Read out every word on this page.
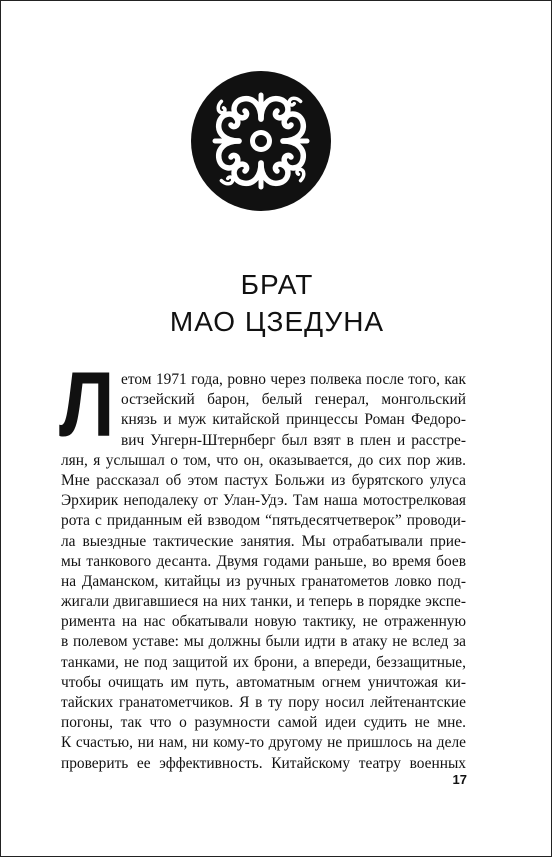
БРАТ
МАО ЦЗЕДУНА
Л етом 1971 года, ровно через полвека после того, как
остзейский барон, белый генерал, монгольский
князь и муж китайской принцессы Роман Федоро-
вич Унгерн-Штернберг был взят в плен и расстре-
лян, я услышал о том, что он, оказывается, до сих пор жив.
Мне рассказал об этом пастух Больжи из бурятского улуса
Эрхирик неподалеку от Улан-Удэ. Там наша мотострелковая
рота с приданным ей взводом “пятьдесятчетверок” проводи-
ла выездные тактические занятия. Мы отрабатывали прие-
мы танкового десанта. Двумя годами раньше, во время боев
на Даманском, китайцы из ручных гранатометов ловко под-
жигали двигавшиеся на них танки, и теперь в порядке экспе-
римента на нас обкатывали новую тактику, не отраженную
в полевом уставе: мы должны были идти в атаку не вслед за
танками, не под защитой их брони, а впереди, беззащитные,
чтобы очищать им путь, автоматным огнем уничтожая ки-
тайских гранатометчиков. Я в ту пору носил лейтенантские
погоны, так что о разумности самой идеи судить не мне.
К счастью, ни нам, ни кому-то другому не пришлось на деле
проверить ее эффективность. Китайскому театру военных
17
